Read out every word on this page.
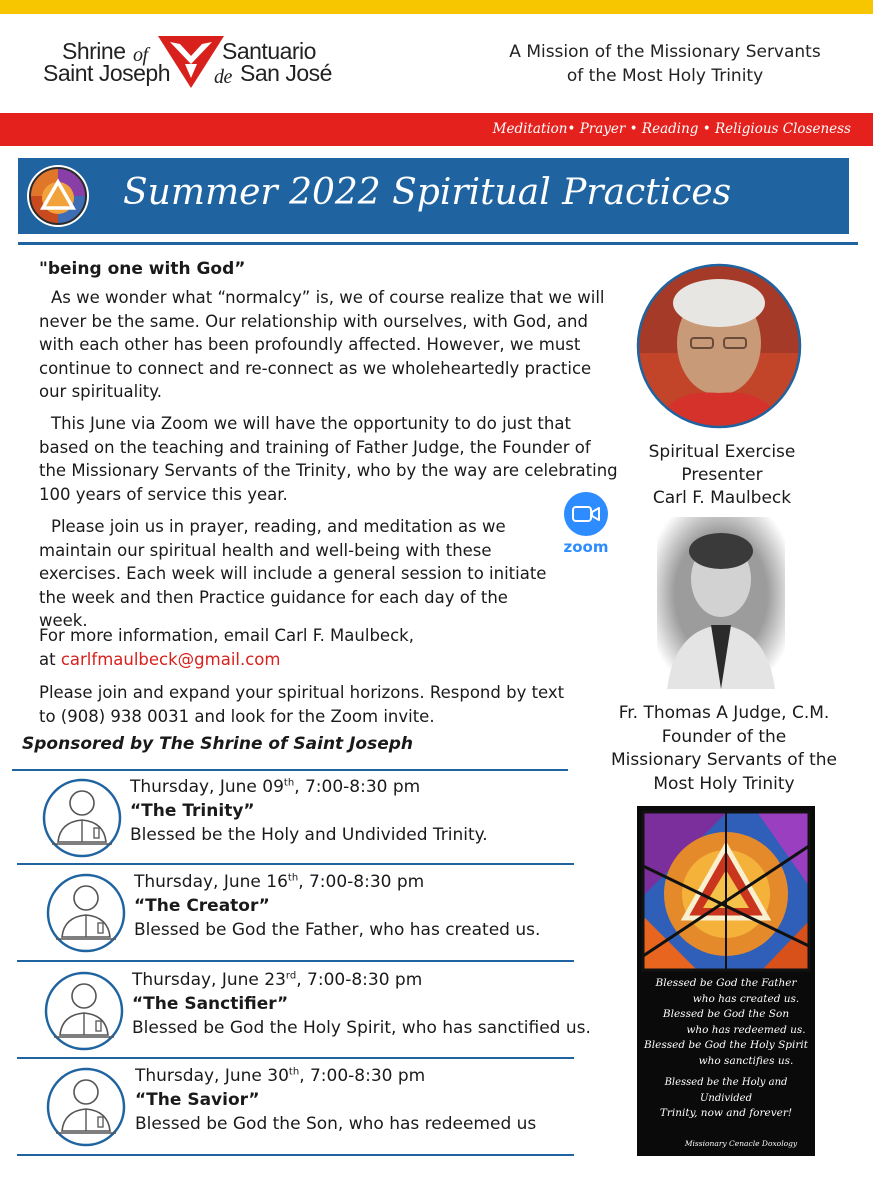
Shrine of
Saint Joseph
Santuario
de San José
A Mission of the Missionary Servants
of the Most Holy Trinity
Meditation• Prayer • Reading • Religious Closeness
Summer 2022 Spiritual Practices
"being one with God”
As we wonder what “normalcy” is, we of course realize that we will never be the same. Our relationship with ourselves, with God, and with each other has been profoundly affected. However, we must continue to connect and re-connect as we wholeheartedly practice our spirituality.
This June via Zoom we will have the opportunity to do just that based on the teaching and training of Father Judge, the Founder of the Missionary Servants of the Trinity, who by the way are celebrating 100 years of service this year.
Please join us in prayer, reading, and meditation as we maintain our spiritual health and well-being with these exercises. Each week will include a general session to initiate the week and then Practice guidance for each day of the week.
For more information, email Carl F. Maulbeck,
at carlfmaulbeck@gmail.com
Please join and expand your spiritual horizons. Respond by text to (908) 938 0031 and look for the Zoom invite.
zoom
Sponsored by The Shrine of Saint Joseph
Spiritual Exercise
Presenter
Carl F. Maulbeck
Fr. Thomas A Judge, C.M.
Founder of the
Missionary Servants of the
Most Holy Trinity
Blessed be God the Father
who has created us.
Blessed be God the Son
who has redeemed us.
Blessed be God the Holy Spirit
who sanctifies us.
Blessed be the Holy and Undivided
Trinity, now and forever!
Missionary Cenacle Doxology
Thursday, June 09th, 7:00-8:30 pm
“The Trinity”
Blessed be the Holy and Undivided Trinity.
Thursday, June 16th, 7:00-8:30 pm
“The Creator”
Blessed be God the Father, who has created us.
Thursday, June 23rd, 7:00-8:30 pm
“The Sanctifier”
Blessed be God the Holy Spirit, who has sanctified us.
Thursday, June 30th, 7:00-8:30 pm
“The Savior”
Blessed be God the Son, who has redeemed us
